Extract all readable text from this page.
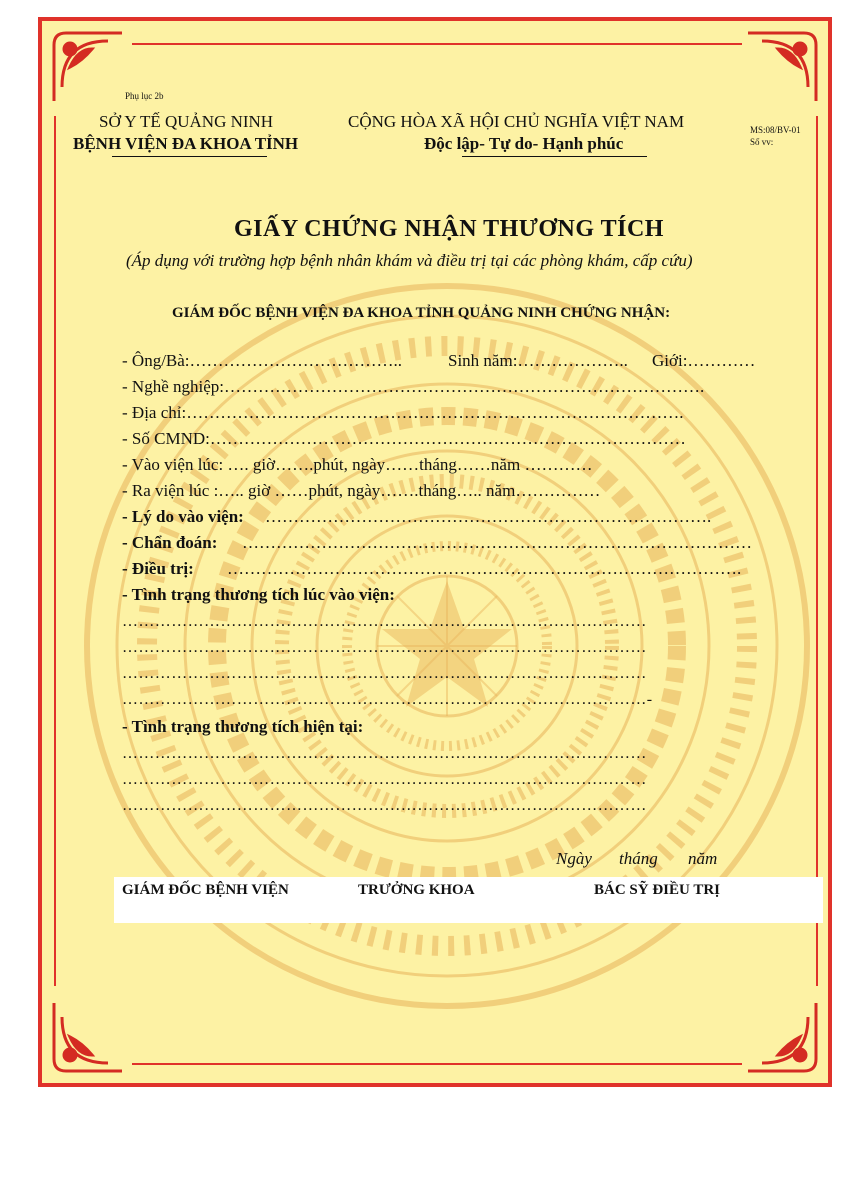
Phụ lục 2b
SỞ Y TẾ QUẢNG NINH
BỆNH VIỆN ĐA KHOA TỈNH
CỘNG HÒA XÃ HỘI CHỦ NGHĨA VIỆT NAM
Độc lập- Tự do- Hạnh phúc
MS:08/BV-01
Số vv:
GIẤY CHỨNG NHẬN THƯƠNG TÍCH
(Áp dụng với trường hợp bệnh nhân khám và điều trị tại các phòng khám, cấp cứu)
GIÁM ĐỐC BỆNH VIỆN ĐA KHOA TỈNH QUẢNG NINH CHỨNG NHẬN:
- Ông/Bà:………………………………..	Sinh năm:……………….. Giới:…………
- Nghề nghiệp:………………………………………………………………………….
- Địa chỉ:…………………………………………………………………………….
- Số CMND:…………………………………………………………………………
- Vào viện lúc: …. giờ…….phút, ngày……tháng……năm …………
- Ra viện lúc :….. giờ ……phút, ngày…….tháng….. năm……………
- Lý do vào viện: …………………………………………………………………….
- Chẩn đoán: ………………………………………………………………………………
- Điều trị: ……………………………………………………………………………….
- Tình trạng thương tích lúc vào viện:
……………………………………………………………………………………
……………………………………………………………………………………
……………………………………………………………………………………
……………………………………………………………………………………-
- Tình trạng thương tích hiện tại:
……………………………………………………………………………………
……………………………………………………………………………………
……………………………………………………………………………………
Ngày tháng năm
GIÁM ĐỐC BỆNH VIỆN	TRƯỞNG KHOA	BÁC SỸ ĐIỀU TRỊ
